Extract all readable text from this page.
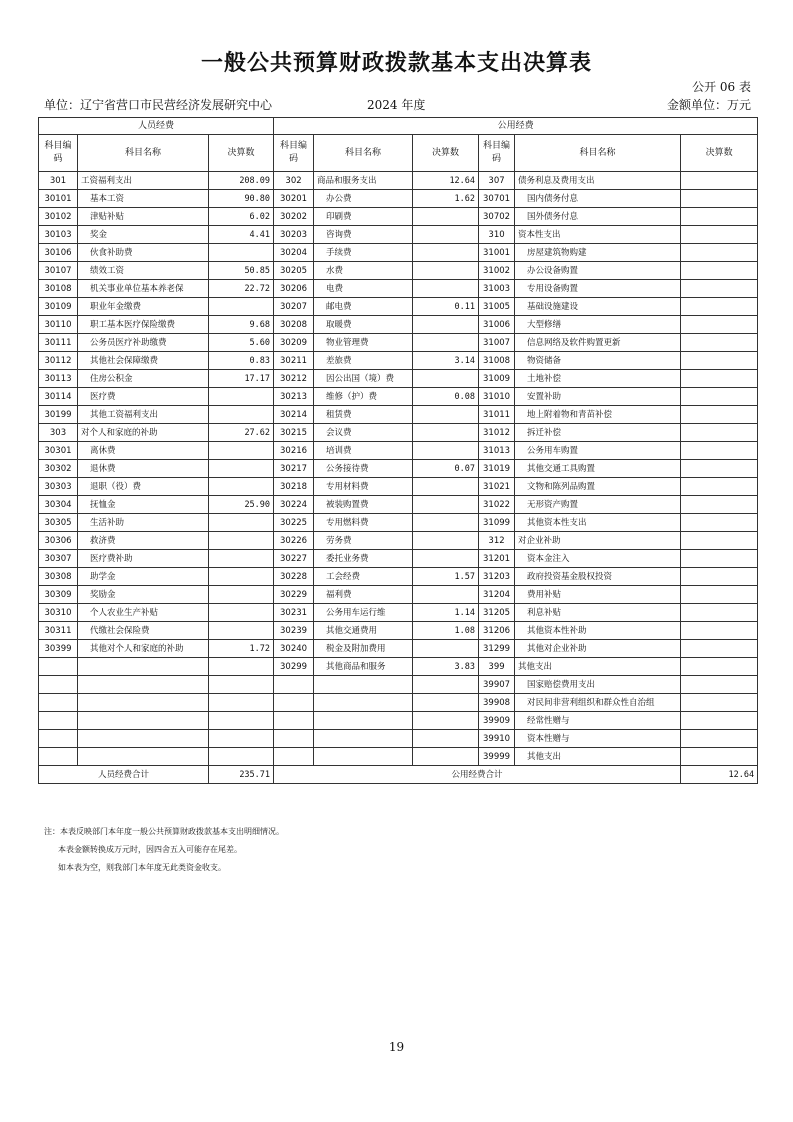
一般公共预算财政拨款基本支出决算表
公开 06 表
单位：辽宁省营口市民营经济发展研究中心	2024 年度	金额单位：万元
人员经费			公用经费					
科目编码	科目名称	决算数	科目编码	科目名称	决算数	科目编码	科目名称	决算数
301	工资福利支出	208.09	302	商品和服务支出	12.64	307	债务利息及费用支出	
30101	基本工资	90.80	30201	办公费	1.62	30701	国内债务付息	
30102	津贴补贴	6.02	30202	印刷费		30702	国外债务付息	
30103	奖金	4.41	30203	咨询费		310	资本性支出	
30106	伙食补助费		30204	手续费		31001	房屋建筑物购建	
30107	绩效工资	50.85	30205	水费		31002	办公设备购置	
30108	机关事业单位基本养老保	22.72	30206	电费		31003	专用设备购置	
30109	职业年金缴费		30207	邮电费	0.11	31005	基础设施建设	
30110	职工基本医疗保险缴费	9.68	30208	取暖费		31006	大型修缮	
30111	公务员医疗补助缴费	5.60	30209	物业管理费		31007	信息网络及软件购置更新	
30112	其他社会保障缴费	0.83	30211	差旅费	3.14	31008	物资储备	
30113	住房公积金	17.17	30212	因公出国（境）费		31009	土地补偿	
30114	医疗费		30213	维修（护）费	0.08	31010	安置补助	
30199	其他工资福利支出		30214	租赁费		31011	地上附着物和青苗补偿	
303	对个人和家庭的补助	27.62	30215	会议费		31012	拆迁补偿	
30301	离休费		30216	培训费		31013	公务用车购置	
30302	退休费		30217	公务接待费	0.07	31019	其他交通工具购置	
30303	退职（役）费		30218	专用材料费		31021	文物和陈列品购置	
30304	抚恤金	25.90	30224	被装购置费		31022	无形资产购置	
30305	生活补助		30225	专用燃料费		31099	其他资本性支出	
30306	救济费		30226	劳务费		312	对企业补助	
30307	医疗费补助		30227	委托业务费		31201	资本金注入	
30308	助学金		30228	工会经费	1.57	31203	政府投资基金股权投资	
30309	奖励金		30229	福利费		31204	费用补贴	
30310	个人农业生产补贴		30231	公务用车运行维	1.14	31205	利息补贴	
30311	代缴社会保险费		30239	其他交通费用	1.08	31206	其他资本性补助	
30399	其他对个人和家庭的补助	1.72	30240	税金及附加费用		31299	其他对企业补助	
			30299	其他商品和服务	3.83	399	其他支出	
						39907	国家赔偿费用支出	
						39908	对民间非营利组织和群众性自治组	
						39909	经常性赠与	
						39910	资本性赠与	
						39999	其他支出	
人员经费合计		235.71	公用经费合计					12.64
注：本表反映部门本年度一般公共预算财政拨款基本支出明细情况。
本表金额转换成万元时，因四舍五入可能存在尾差。
如本表为空，则我部门本年度无此类资金收支。
19
